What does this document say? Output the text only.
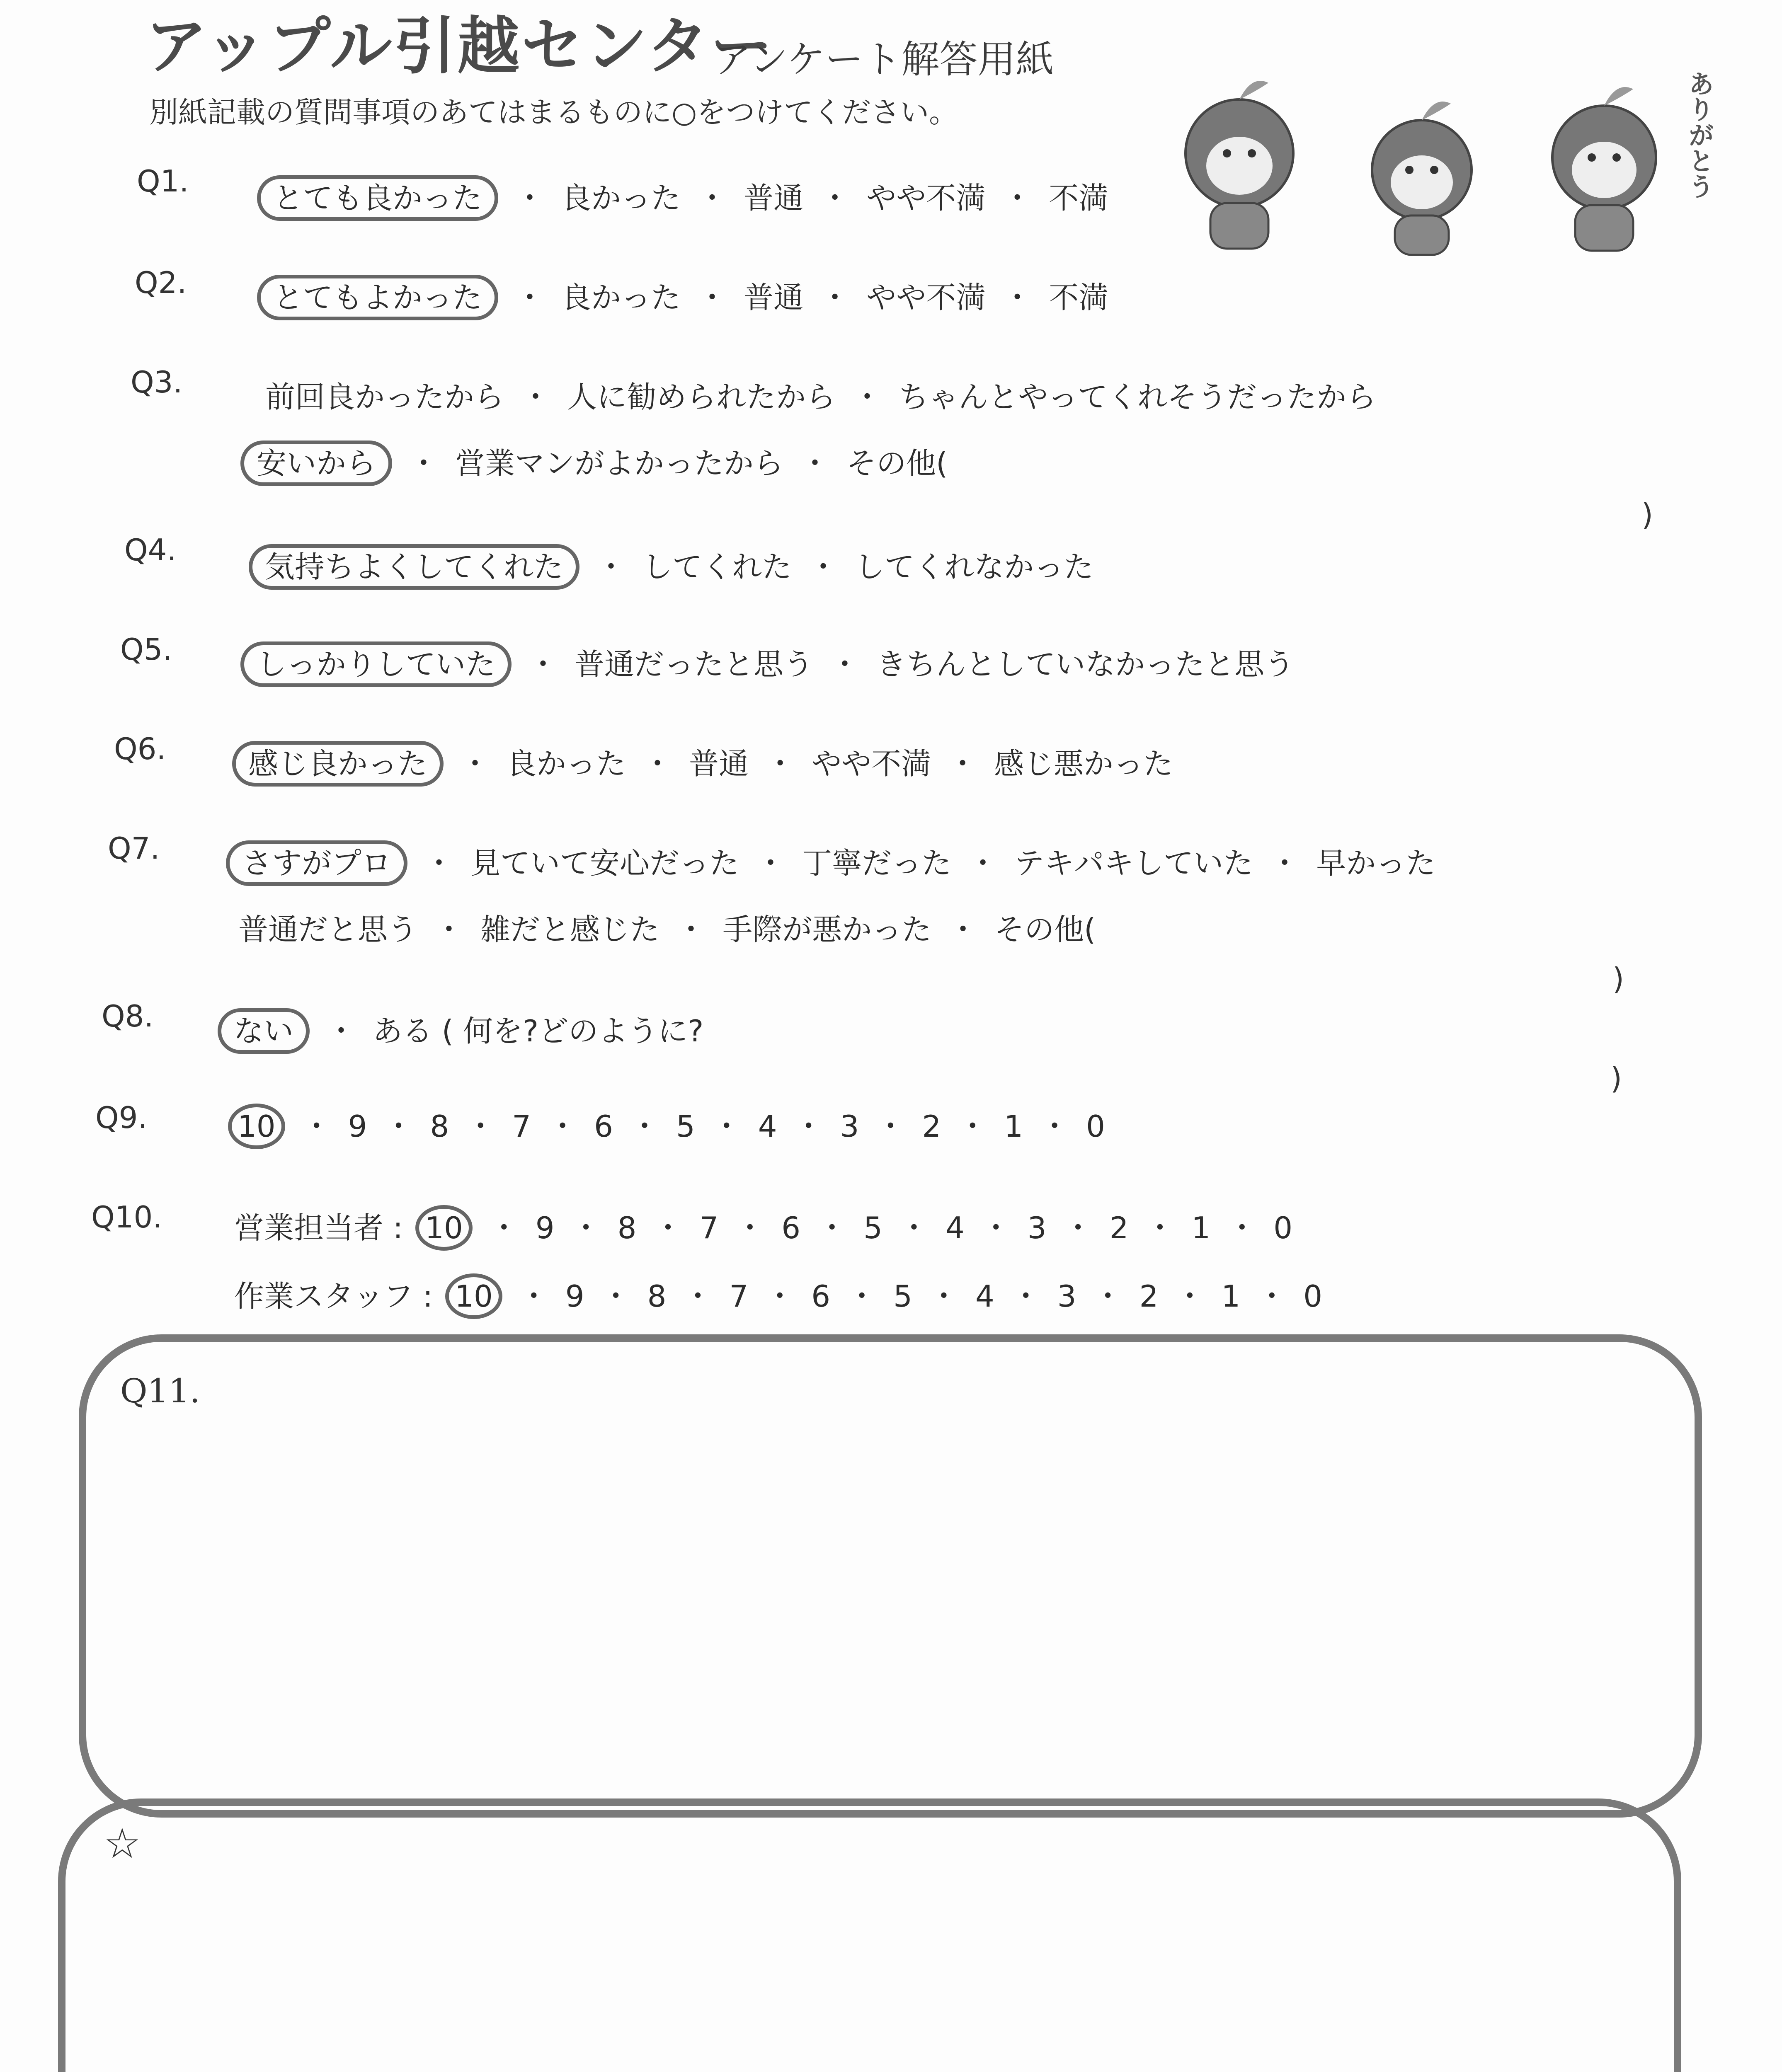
アップル引越センター
アンケート解答用紙
別紙記載の質問事項のあてはまるものに○をつけてください。	ありがとう
Q1.	とても良かった ・ 良かった ・ 普通 ・ やや不満 ・ 不満
Q2.	とてもよかった ・ 良かった ・ 普通 ・ やや不満 ・ 不満
Q3.	前回良かったから ・ 人に勧められたから ・ ちゃんとやってくれそうだったから
安いから ・ 営業マンがよかったから ・ その他(
)
Q4.	気持ちよくしてくれた ・ してくれた ・ してくれなかった
Q5.	しっかりしていた ・ 普通だったと思う ・ きちんとしていなかったと思う
Q6.	感じ良かった ・ 良かった ・ 普通 ・ やや不満 ・ 感じ悪かった
Q7.	さすがプロ ・ 見ていて安心だった ・ 丁寧だった ・ テキパキしていた ・ 早かった
普通だと思う ・ 雑だと感じた ・ 手際が悪かった ・ その他(
)
Q8.	ない ・ ある ( 何を?どのように?
)
Q9.	10 ・ 9 ・ 8 ・ 7 ・ 6 ・ 5 ・ 4 ・ 3 ・ 2 ・ 1 ・ 0
Q10. 営業担当者 : 10 ・ 9 ・ 8 ・ 7 ・ 6 ・ 5 ・ 4 ・ 3 ・ 2 ・ 1 ・ 0
作業スタッフ : 10 ・ 9 ・ 8 ・ 7 ・ 6 ・ 5 ・ 4 ・ 3 ・ 2 ・ 1 ・ 0
Q11.
☆
